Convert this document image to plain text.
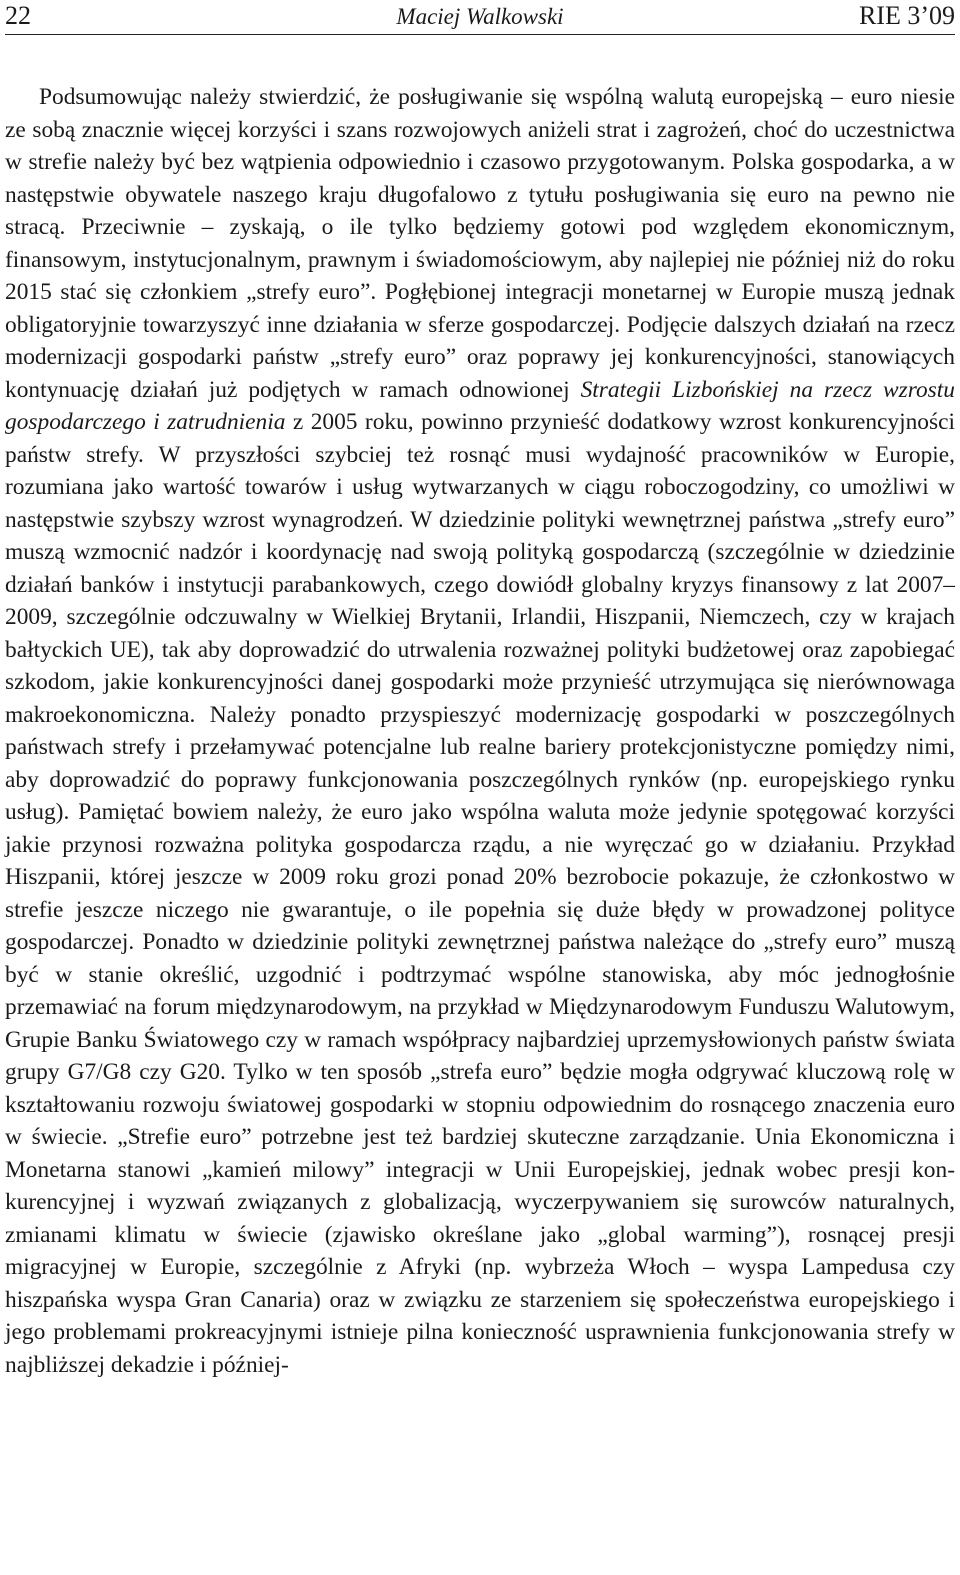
22	Maciej Walkowski	RIE 3’09

Podsumowując należy stwierdzić, że posługiwanie się wspólną walutą europejską – euro niesie ze sobą znacznie więcej korzyści i szans rozwojowych aniżeli strat i zagrożeń, choć do uczestnictwa w strefie należy być bez wątpienia odpowiednio i czasowo przygotowanym. Polska gospodarka, a w następstwie obywatele naszego kraju długofalowo z tytułu posługiwania się euro na pewno nie stracą. Przeciwnie – zyskają, o ile tylko będziemy gotowi pod względem ekonomicznym, finansowym, instytucjonalnym, prawnym i świadomościowym, aby najlepiej nie później niż do roku 2015 stać się członkiem „strefy euro”. Pogłębionej integracji monetarnej w Europie muszą jednak obligatoryjnie towarzyszyć inne działania w sferze gospodarczej. Podjęcie dalszych działań na rzecz modernizacji gospodarki państw „strefy euro” oraz poprawy jej konkurencyjności, stanowiących kontynuację działań już podjętych w ramach odnowionej Strategii Lizbońskiej na rzecz wzrostu gospodarczego i zatrudnienia z 2005 roku, powinno przynieść dodatkowy wzrost konkurencyjności państw strefy. W przyszłości szybciej też rosnąć musi wydajność pracowników w Europie, rozumiana jako wartość towarów i usług wytwarzanych w ciągu roboczogodziny, co umożliwi w następstwie szybszy wzrost wynagrodzeń. W dziedzinie polityki wewnętrznej państwa „strefy euro” muszą wzmocnić nadzór i koordynację nad swoją polityką gospodarczą (szczególnie w dziedzinie działań banków i instytucji parabankowych, czego dowiódł globalny kryzys finansowy z lat 2007–2009, szczególnie odczuwalny w Wielkiej Brytanii, Irlandii, Hiszpanii, Niemczech, czy w krajach bałtyckich UE), tak aby doprowadzić do utrwalenia rozważnej polityki budżetowej oraz zapobiegać szkodom, jakie konkurencyjności danej gospodarki może przynieść utrzymująca się nierównowaga makroekonomiczna. Należy ponadto przyspieszyć modernizację gospodarki w poszczególnych państwach strefy i przełamywać potencjalne lub realne bariery protekcjonistyczne pomiędzy nimi, aby doprowadzić do poprawy funkcjonowania poszczególnych rynków (np. europejskiego rynku usług). Pamiętać bowiem należy, że euro jako wspólna waluta może jedynie spotęgować korzyści jakie przynosi rozważna polityka gospodarcza rządu, a nie wyręczać go w działaniu. Przykład Hiszpanii, której jeszcze w 2009 roku grozi ponad 20% bezrobocie pokazuje, że członkostwo w strefie jeszcze niczego nie gwarantuje, o ile popełnia się duże błędy w prowadzonej polityce gospodarczej. Ponadto w dziedzinie polityki zewnętrznej państwa należące do „strefy euro” muszą być w stanie określić, uzgodnić i podtrzymać wspólne stanowiska, aby móc jednogłośnie przemawiać na forum międzynarodowym, na przykład w Międzynarodowym Funduszu Walutowym, Grupie Banku Światowego czy w ramach współpracy najbardziej uprzemysłowionych państw świata grupy G7/G8 czy G20. Tylko w ten sposób „strefa euro” będzie mogła odgrywać kluczową rolę w kształtowaniu rozwoju światowej gospodarki w stopniu odpowiednim do rosnącego znaczenia euro w świecie. „Strefie euro” potrzebne jest też bardziej skuteczne zarządzanie. Unia Ekonomiczna i Monetarna stanowi „kamień milowy” integracji w Unii Europejskiej, jednak wobec presji konkurencyjnej i wyzwań związanych z globalizacją, wyczerpywaniem się surowców naturalnych, zmianami klimatu w świecie (zjawisko określane jako „global warming”), rosnącej presji migracyjnej w Europie, szczególnie z Afryki (np. wybrzeża Włoch – wyspa Lampedusa czy hiszpańska wyspa Gran Canaria) oraz w związku ze starzeniem się społeczeństwa europejskiego i jego problemami prokreacyjnymi istnieje pilna konieczność usprawnienia funkcjonowania strefy w najbliższej dekadzie i później-
